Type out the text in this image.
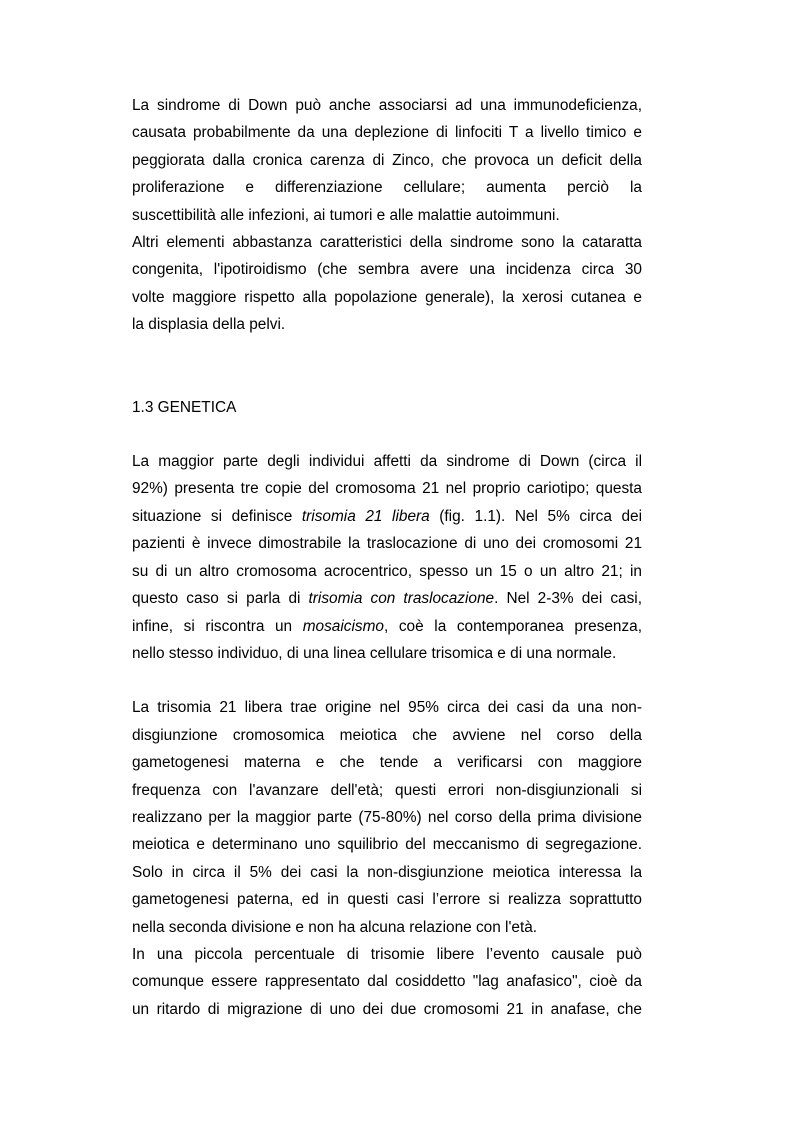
La sindrome di Down può anche associarsi ad una immunodeficienza,
causata probabilmente da una deplezione di linfociti T a livello timico e
peggiorata dalla cronica carenza di Zinco, che provoca un deficit della
proliferazione e differenziazione cellulare; aumenta perciò la
suscettibilità alle infezioni, ai tumori e alle malattie autoimmuni.

Altri elementi abbastanza caratteristici della sindrome sono la cataratta
congenita, l'ipotiroidismo (che sembra avere una incidenza circa 30
volte maggiore rispetto alla popolazione generale), la xerosi cutanea e
la displasia della pelvi.

1.3 GENETICA

La maggior parte degli individui affetti da sindrome di Down (circa il
92%) presenta tre copie del cromosoma 21 nel proprio cariotipo; questa
situazione si definisce trisomia 21 libera (fig. 1.1). Nel 5% circa dei
pazienti è invece dimostrabile la traslocazione di uno dei cromosomi 21
su di un altro cromosoma acrocentrico, spesso un 15 o un altro 21; in
questo caso si parla di trisomia con traslocazione. Nel 2-3% dei casi,
infine, si riscontra un mosaicismo, coè la contemporanea presenza,
nello stesso individuo, di una linea cellulare trisomica e di una normale.

La trisomia 21 libera trae origine nel 95% circa dei casi da una non-
disgiunzione cromosomica meiotica che avviene nel corso della
gametogenesi materna e che tende a verificarsi con maggiore
frequenza con l'avanzare dell'età; questi errori non-disgiunzionali si
realizzano per la maggior parte (75-80%) nel corso della prima divisione
meiotica e determinano uno squilibrio del meccanismo di segregazione.
Solo in circa il 5% dei casi la non-disgiunzione meiotica interessa la
gametogenesi paterna, ed in questi casi l’errore si realizza soprattutto
nella seconda divisione e non ha alcuna relazione con l'età.

In una piccola percentuale di trisomie libere l’evento causale può
comunque essere rappresentato dal cosiddetto "lag anafasico", cioè da
un ritardo di migrazione di uno dei due cromosomi 21 in anafase, che
